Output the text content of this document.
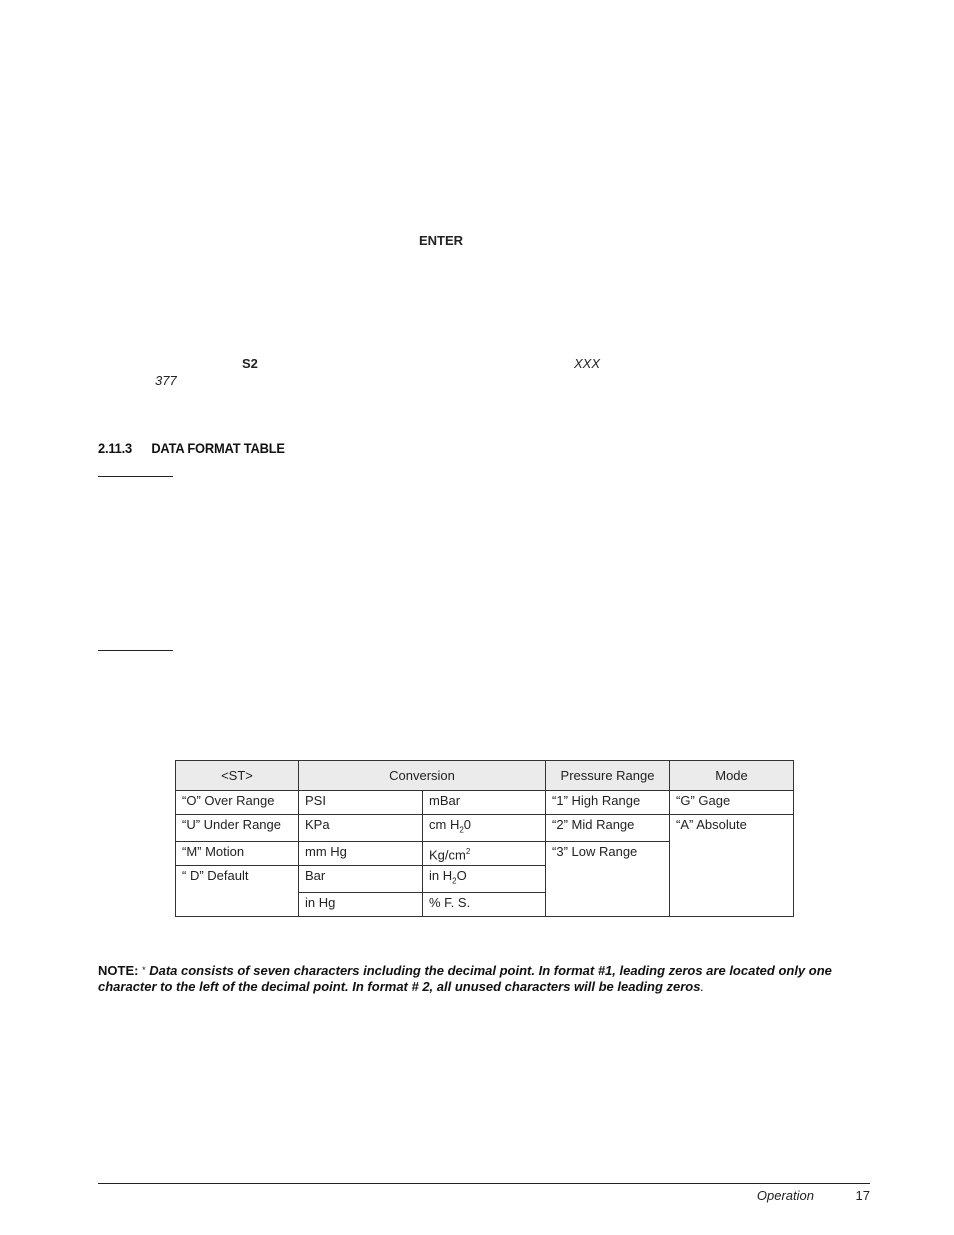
ENTER
S2	XXX
377
2.11.3 DATA FORMAT TABLE
<ST>	Conversion		Pressure Range	Mode
“O” Over Range	PSI	mBar	“1” High Range	“G” Gage
“U” Under Range	KPa	cm $H_20$	“2” Mid Range	“A” Absolute
“M” Motion	mm Hg	$Kg/cm^2$	“3” Low Range	
“ D” Default	Bar	in $H_2O$		
	in Hg	% F. S.		
NOTE: * Data consists of seven characters including the decimal point. In format #1, leading zeros are located only one character to the left of the decimal point. In format # 2, all unused characters will be leading zeros.
Operation	17
